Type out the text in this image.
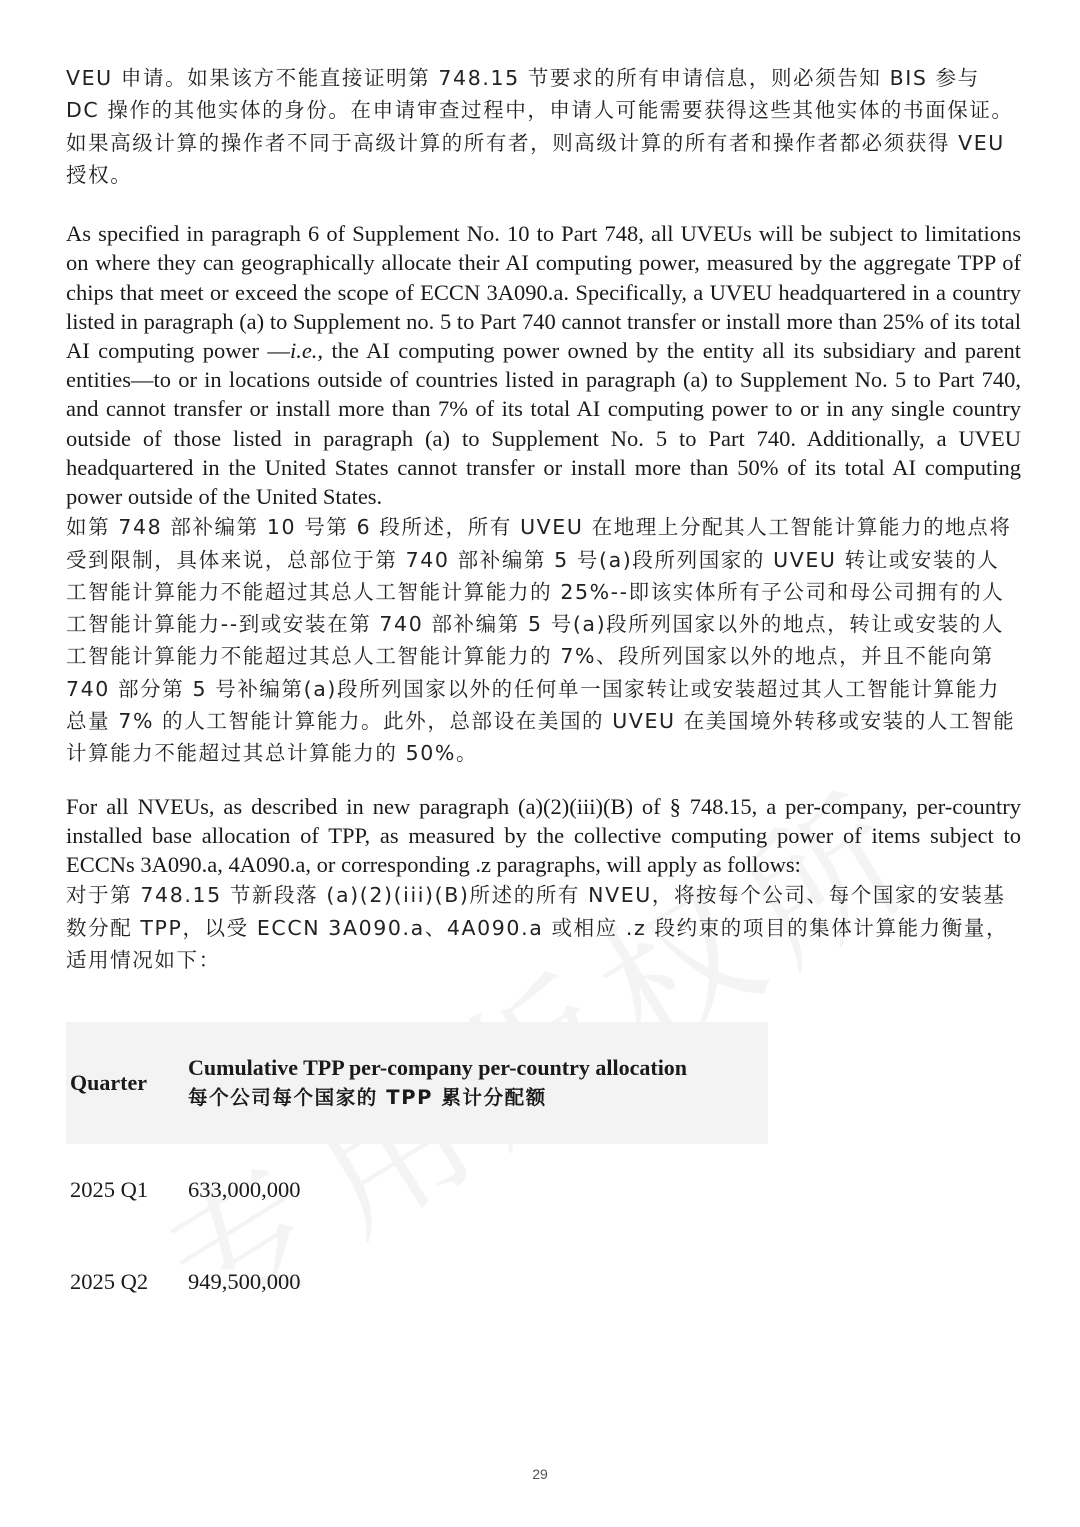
VEU 申请。如果该方不能直接证明第 748.15 节要求的所有申请信息，则必须告知 BIS 参与 DC 操作的其他实体的身份。在申请审查过程中，申请人可能需要获得这些其他实体的书面保证。如果高级计算的操作者不同于高级计算的所有者，则高级计算的所有者和操作者都必须获得 VEU 授权。

As specified in paragraph 6 of Supplement No. 10 to Part 748, all UVEUs will be subject to limitations on where they can geographically allocate their AI computing power, measured by the aggregate TPP of chips that meet or exceed the scope of ECCN 3A090.a. Specifically, a UVEU headquartered in a country listed in paragraph (a) to Supplement no. 5 to Part 740 cannot transfer or install more than 25% of its total AI computing power —i.e., the AI computing power owned by the entity all its subsidiary and parent entities—to or in locations outside of countries listed in paragraph (a) to Supplement No. 5 to Part 740, and cannot transfer or install more than 7% of its total AI computing power to or in any single country outside of those listed in paragraph (a) to Supplement No. 5 to Part 740. Additionally, a UVEU headquartered in the United States cannot transfer or install more than 50% of its total AI computing power outside of the United States.

如第 748 部补编第 10 号第 6 段所述，所有 UVEU 在地理上分配其人工智能计算能力的地点将受到限制，具体来说，总部位于第 740 部补编第 5 号(a)段所列国家的 UVEU 转让或安装的人工智能计算能力不能超过其总人工智能计算能力的 25%--即该实体所有子公司和母公司拥有的人工智能计算能力--到或安装在第 740 部补编第 5 号(a)段所列国家以外的地点，转让或安装的人工智能计算能力不能超过其总人工智能计算能力的 7%、段所列国家以外的地点，并且不能向第 740 部分第 5 号补编第(a)段所列国家以外的任何单一国家转让或安装超过其人工智能计算能力总量 7% 的人工智能计算能力。此外，总部设在美国的 UVEU 在美国境外转移或安装的人工智能计算能力不能超过其总计算能力的 50%。

For all NVEUs, as described in new paragraph (a)(2)(iii)(B) of § 748.15, a per-company, per-country installed base allocation of TPP, as measured by the collective computing power of items subject to ECCNs 3A090.a, 4A090.a, or corresponding .z paragraphs, will apply as follows:

对于第 748.15 节新段落 (a)(2)(iii)(B)所述的所有 NVEU，将按每个公司、每个国家的安装基数分配 TPP，以受 ECCN 3A090.a、4A090.a 或相应 .z 段约束的项目的集体计算能力衡量，适用情况如下：

Quarter	Cumulative TPP per-company per-country allocation
每个公司每个国家的 TPP 累计分配额

2025 Q1	633,000,000
2025 Q2	949,500,000
29
